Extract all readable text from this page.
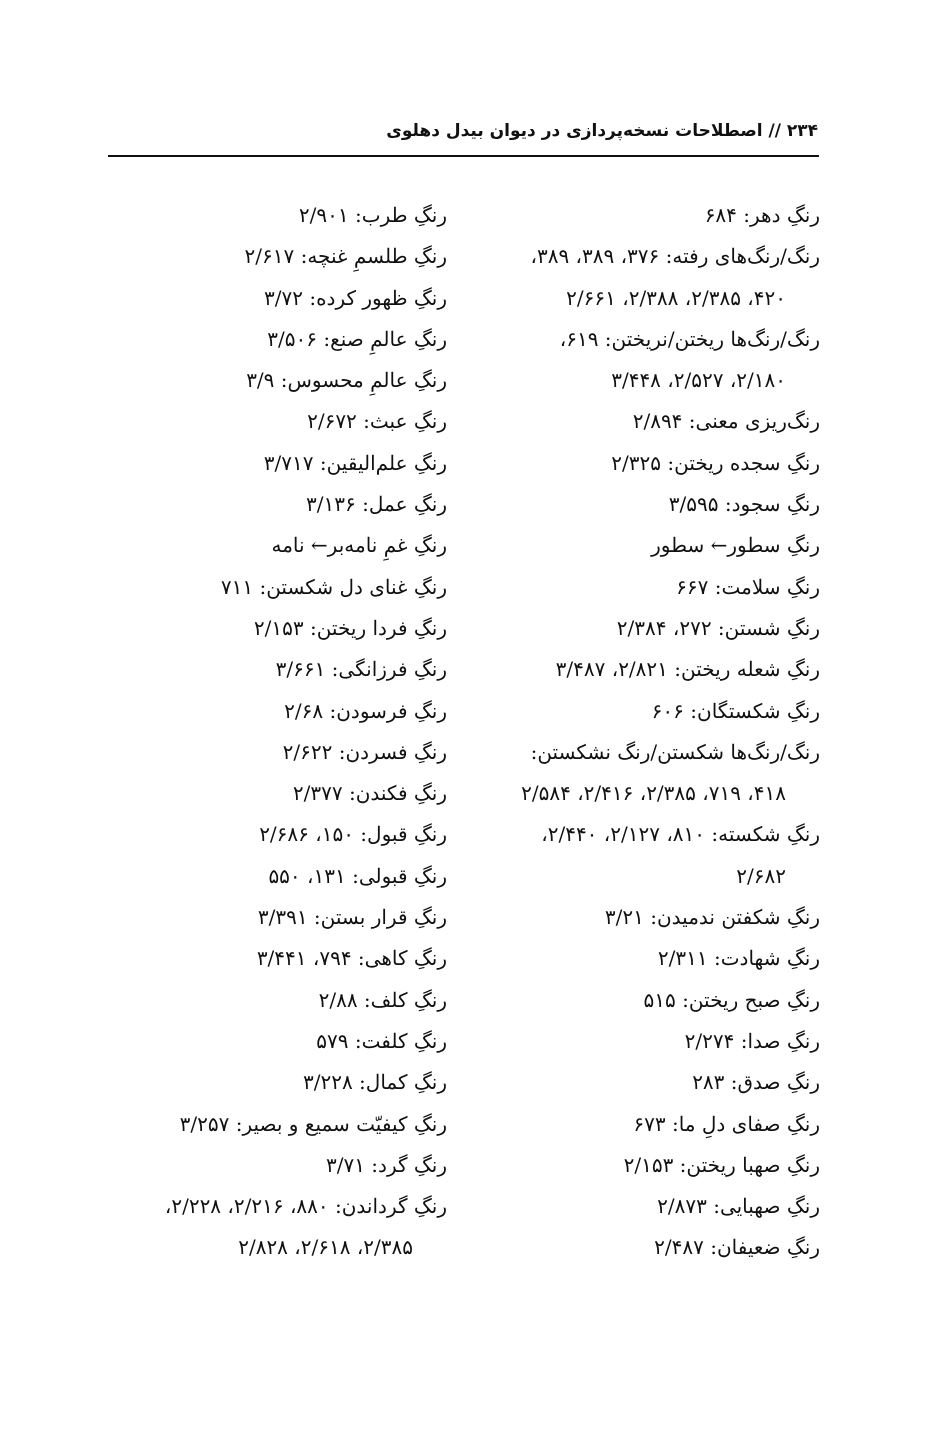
۲۳۴ // اصطلاحات نسخه‌پردازی در دیوان بیدل دهلوی
رنگِ دهر: ۶۸۴
رنگ/رنگ‌های رفته: ۳۷۶، ۳۸۹، ۳۸۹،
۴۲۰، ۲/۳۸۵، ۲/۳۸۸، ۲/۶۶۱
رنگ/رنگ‌ها ریختن/نریختن: ۶۱۹،
۲/۱۸۰، ۲/۵۲۷، ۳/۴۴۸
رنگ‌ریزی معنی: ۲/۸۹۴
رنگِ سجده ریختن: ۲/۳۲۵
رنگِ سجود: ۳/۵۹۵
رنگِ سطور← سطور
رنگِ سلامت: ۶۶۷
رنگِ شستن: ۲۷۲، ۲/۳۸۴
رنگِ شعله ریختن: ۲/۸۲۱، ۳/۴۸۷
رنگِ شکستگان: ۶۰۶
رنگ/رنگ‌ها شکستن/رنگ نشکستن:
۴۱۸، ۷۱۹، ۲/۳۸۵، ۲/۴۱۶، ۲/۵۸۴
رنگِ شکسته: ۸۱۰، ۲/۱۲۷، ۲/۴۴۰،
۲/۶۸۲
رنگِ شکفتن ندمیدن: ۳/۲۱
رنگِ شهادت: ۲/۳۱۱
رنگِ صبح ریختن: ۵۱۵
رنگِ صدا: ۲/۲۷۴
رنگِ صدق: ۲۸۳
رنگِ صفای دلِ ما: ۶۷۳
رنگِ صهبا ریختن: ۲/۱۵۳
رنگِ صهبایی: ۲/۸۷۳
رنگِ ضعیفان: ۲/۴۸۷
رنگِ طرب: ۲/۹۰۱
رنگِ طلسمِ غنچه: ۲/۶۱۷
رنگِ ظهور کرده: ۳/۷۲
رنگِ عالمِ صنع: ۳/۵۰۶
رنگِ عالمِ محسوس: ۳/۹
رنگِ عبث: ۲/۶۷۲
رنگِ علم‌الیقین: ۳/۷۱۷
رنگِ عمل: ۳/۱۳۶
رنگِ غمِ نامه‌بر← نامه
رنگِ غنای دل شکستن: ۷۱۱
رنگِ فردا ریختن: ۲/۱۵۳
رنگِ فرزانگی: ۳/۶۶۱
رنگِ فرسودن: ۲/۶۸
رنگِ فسردن: ۲/۶۲۲
رنگِ فکندن: ۲/۳۷۷
رنگِ قبول: ۱۵۰، ۲/۶۸۶
رنگِ قبولی: ۱۳۱، ۵۵۰
رنگِ قرار بستن: ۳/۳۹۱
رنگِ کاهی: ۷۹۴، ۳/۴۴۱
رنگِ کلف: ۲/۸۸
رنگِ کلفت: ۵۷۹
رنگِ کمال: ۳/۲۲۸
رنگِ کیفیّت سمیع و بصیر: ۳/۲۵۷
رنگِ گرد: ۳/۷۱
رنگِ گرداندن: ۸۸۰، ۲/۲۱۶، ۲/۲۲۸،
۲/۳۸۵، ۲/۶۱۸، ۲/۸۲۸
